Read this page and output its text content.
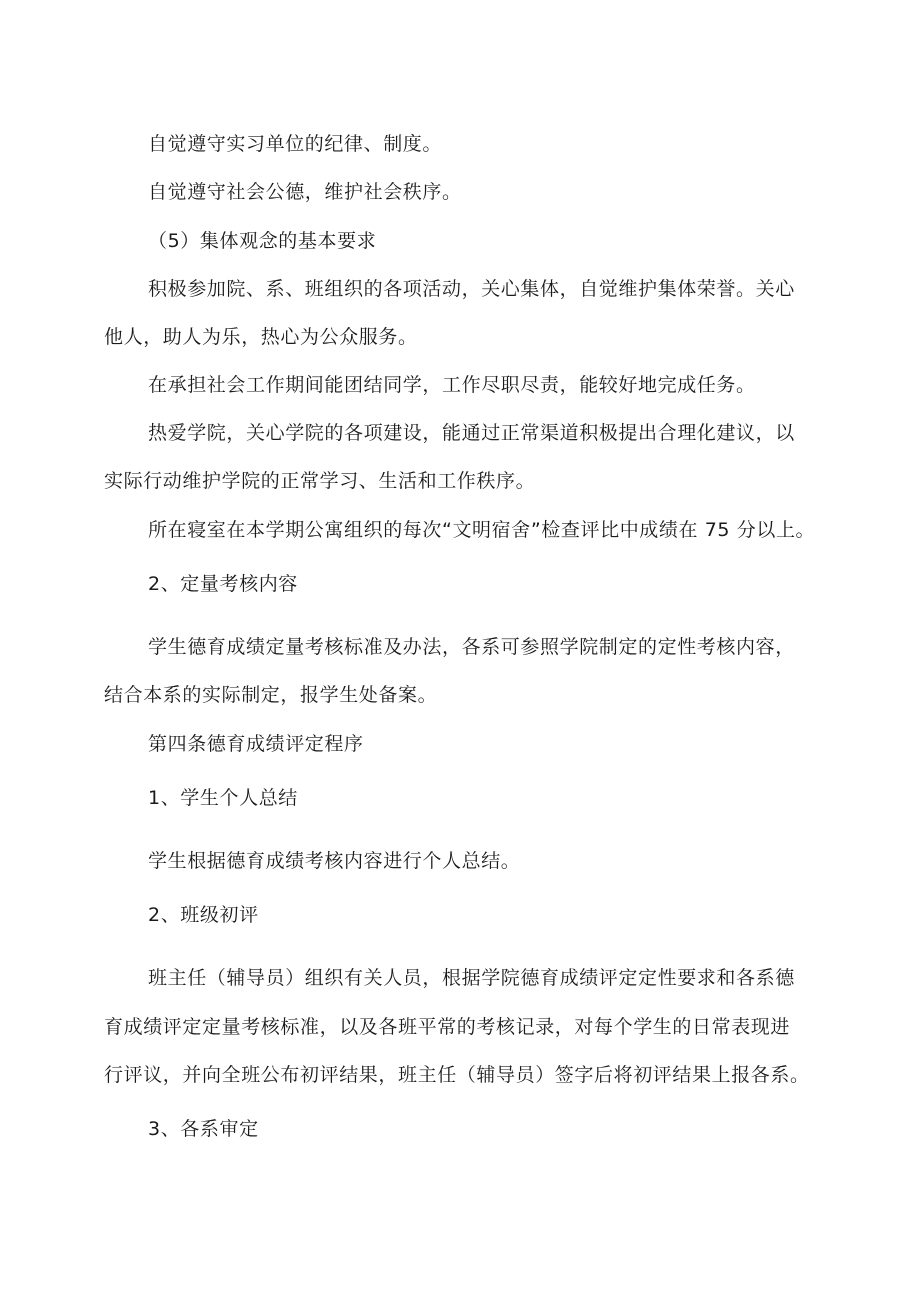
自觉遵守实习单位的纪律、制度。
自觉遵守社会公德，维护社会秩序。
（5）集体观念的基本要求
积极参加院、系、班组织的各项活动，关心集体，自觉维护集体荣誉。关心
他人，助人为乐，热心为公众服务。
在承担社会工作期间能团结同学，工作尽职尽责，能较好地完成任务。
热爱学院，关心学院的各项建设，能通过正常渠道积极提出合理化建议，以
实际行动维护学院的正常学习、生活和工作秩序。
所在寝室在本学期公寓组织的每次“文明宿舍”检查评比中成绩在 75 分以上。
2、定量考核内容
学生德育成绩定量考核标准及办法，各系可参照学院制定的定性考核内容，
结合本系的实际制定，报学生处备案。
第四条德育成绩评定程序
1、学生个人总结
学生根据德育成绩考核内容进行个人总结。
2、班级初评
班主任（辅导员）组织有关人员，根据学院德育成绩评定定性要求和各系德
育成绩评定定量考核标准，以及各班平常的考核记录，对每个学生的日常表现进
行评议，并向全班公布初评结果，班主任（辅导员）签字后将初评结果上报各系。
3、各系审定
